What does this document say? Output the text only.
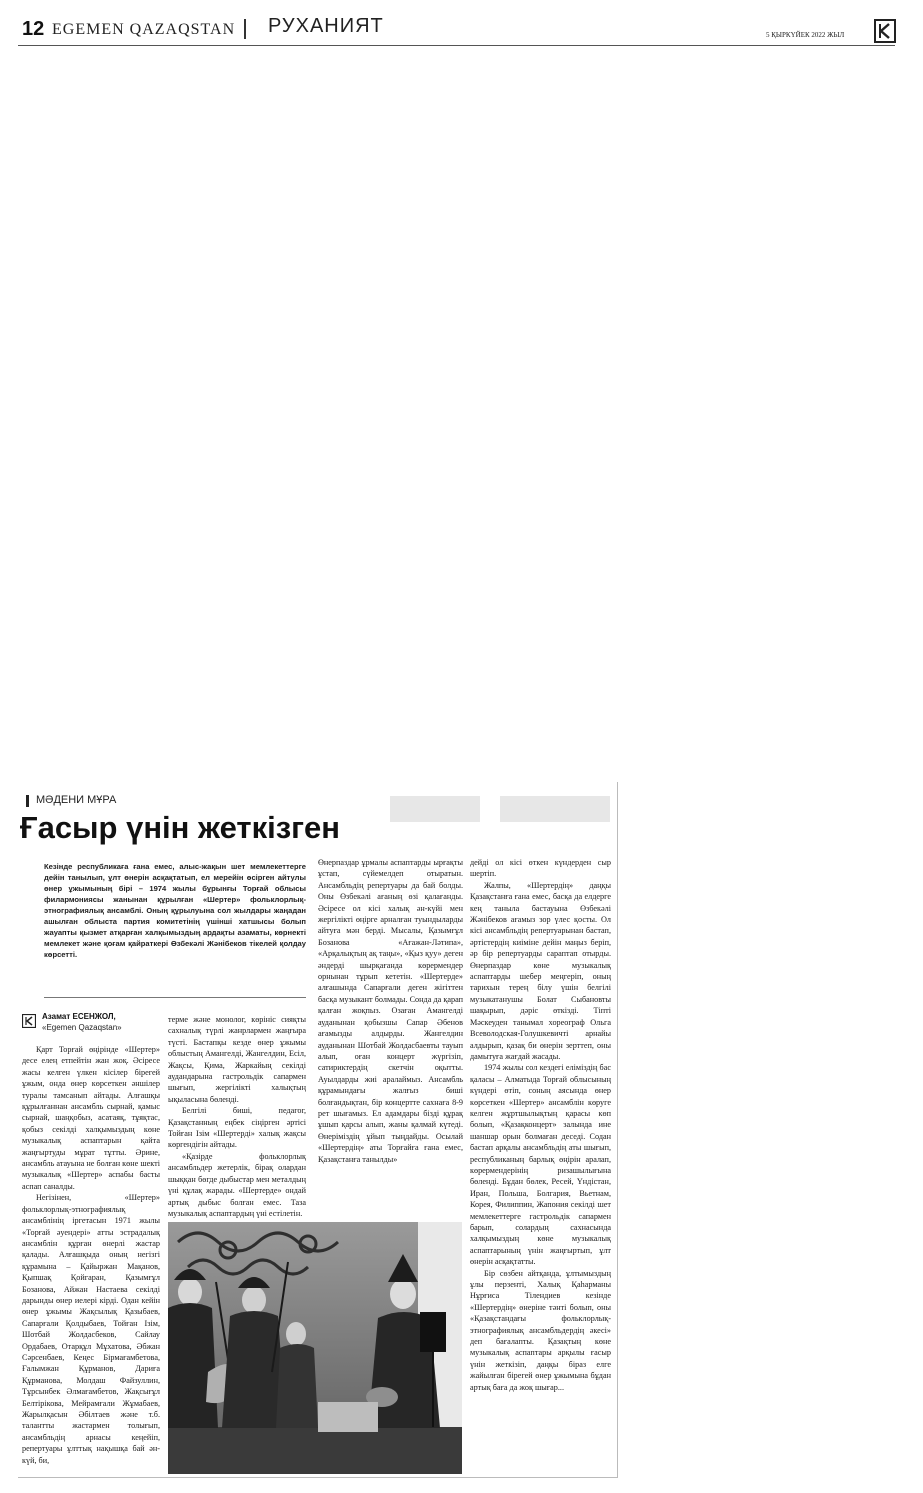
12 EGEMEN QAZAQSTAN РУХАНИЯТ	5 ҚЫРКҮЙЕК 2022 ЖЫЛ
МӘДЕНИ МҰРА
Ғасыр үнін жеткізген
Кезінде республикаға ғана емес, алыс-жақын шет мемлекеттерге дейін танылып, ұлт өнерін асқақтатып, ел мерейін өсірген айтулы өнер ұжымының бірі – 1974 жылы бұрынғы Торғай облысы филармониясы жанынан құрылған «Шертер» фольклорлық-этнографиялық ансамблі. Оның құрылуына сол жылдары жаңадан ашылған облыста партия комитетінің үшінші хатшысы болып жауапты қызмет атқарған халқымыздың ардақты азаматы, көрнекті мемлекет және қоғам қайраткері Өзбекәлі Жәнібеков тікелей қолдау көрсетті.
Азамат ЕСЕНЖОЛ,
«Egemen Qazaqstan»

Қарт Торғай өңірінде «Шертер» десе елең етпейтін жан жоқ. Әсіресе жасы келген үлкен кісілер бірегей ұжым, онда өнер көрсеткен әншілер туралы тамсанып айтады. Алғашқы құрылғаннан ансамбль сырнай, қамыс сырнай, шаңқобыз, асатаяқ, тұяқтас, қобыз секілді халқымыздың көне музыкалық аспаптарын қайта жаңғыртуды мұрат тұтты. Әрине, ансамбль атауына не болған көне шекті музыкалық «Шертер» аспабы басты аспап саналды.

Негізінен, «Шертер» фольклорлық-этнографиялық ансамблінің іргетасын 1971 жылы «Торғай әуендері» атты эстрадалық ансамблін құрған өнерлі жастар қалады. Алғашқыда оның негізгі құрамына – Қайыржан Мақанов, Қыпшақ Қойгаран, Қазымғұл Бозанова, Айжан Настаева секілді дарынды өнер иелері кірді. Одан кейін өнер ұжымы Жақсылық Қазыбаев, Сапарғали Қолдыбаев, Тойған Ізім, Шотбай Жолдасбеков, Сайлау Ордабаев, Отарқұл Мұхатова, Әбжан Сәрсенбаев, Кеңес Бірмағамбетова, Ғалымжан Құрманов, Дариға Құрманова, Молдаш Файзуллин, Тұрсынбек Әлмағамбетов, Жақсығұл Белтірікова, Мейрамғали Жұмабаев, Жарылқасын Әбілтаев және т.б. талантты жастармен толығып, ансамбльдің арнасы кеңейіп, репертуары ұлттық нақышқа бай ән-күй, би,

терме және монолог, көрініс сияқты сахналық түрлі жанрлармен жаңғыра түсті. Бастапқы кезде өнер ұжымы облыстың Амангелді, Жангелдин, Есіл, Жақсы, Қима, Жаркайың секілді аудандарына гастрольдік сапармен шығып, жергілікті халықтың ықыласына бөленді.

Белгілі биші, педагог, Қазақстанның еңбек сіңірген әртісі Тойған Ізім «Шертерді» халық жақсы көргендігін айтады.

«Қазірде фольклорлық ансамбльдер жетерлік, бірақ олардан шыққан бөгде дыбыстар мен металдың үні құлақ жарады. «Шертерде» ондай артық дыбыс болған емес. Таза музыкалық аспаптардың үні естілетін.

Өнерпаздар ұрмалы аспаптарды ырғақты ұстап, сүйемелдеп отыратын. Ансамбльдің репертуары да бай болды. Оны Өзбекәлі ағаның өзі қалағанды. Әсіресе ол кісі халық ән-күйі мен жергілікті өңірге арналған туындыларды айтуға мән берді. Мысалы, Қазымғұл Бозанова «Ағажан-Ләтипа», «Арқалықтың ақ таңы», «Қыз қуу» деген әндерді шырқағанда көрермендер орнынан тұрып кететін. «Шертерде» алғашында Сапарғали деген жігіттен басқа музыкант болмады. Сонда да қарап қалған жоқпыз. Озаған Амангелді ауданынан қобызшы Сапар Әбенов ағамызды алдырды. Жангелдин ауданынан Шотбай Жолдасбаевты тауып алып, оған концерт жүргізіп, сатириктердің скетчін оқытты. Ауылдарды жиі аралаймыз. Ансамбль құрамындағы жалғыз биші болғандықтан, бір концертте сахнаға 8-9 рет шығамыз. Ел адамдары бізді құрақ ұшып қарсы алып, жаны қалмай күтеді. Өнеріміздің ұйып тыңдайды. Осылай «Шертердің» аты Торғайға ғана емес, Қазақстанға танылды»

дейді ол кісі өткен күндерден сыр шертіп.

Жалпы, «Шертердің» даңқы Қазақстанға ғана емес, басқа да елдерге кең таныла бастауына Өзбекәлі Жәнібеков ағамыз зор үлес қосты. Ол кісі ансамбльдің репертуарынан бастап, әртістердің киіміне дейін маңыз беріп, әр бір репертуарды сараптап отырды. Өнерпаздар көне музыкалық аспаптарды шебер меңгеріп, оның тарихын терең білу үшін белгілі музыкатанушы Болат Сыбановты шақырып, дәріс өткізді. Тіпті Мәскеуден танымал хореограф Ольга Всеволодская-Голушкевичті арнайы алдырып, қазақ би өнерін зерттеп, оны дамытуға жағдай жасады.

1974 жылы сол кездегі еліміздің бас қаласы – Алматыда Торғай облысының күндері өтіп, соның аясында өнер көрсеткен «Шертер» ансамблін көруге келген жұртшылықтың қарасы көп болып, «Қазақконцерт» залында ине шаншар орын болмаған деседі. Содан бастап арқалы ансамбльдің аты шығып, республиканың барлық өңірін аралап, көрермендерінің ризашылығына бөленді. Бұдан бөлек, Ресей, Үндістан, Иран, Польша, Болгария, Вьетнам, Корея, Филиппин, Жапония секілді шет мемлекеттерге гастрольдік сапармен барып, солардың сахнасында халқымыздың көне музыкалық аспаптарының үнін жаңғыртып, ұлт өнерін асқақтатты.

Бір сөзбен айтқанда, ұлтымыздың ұлы перзенті, Халық Қаһарманы Нұрғиса Тілендиев кезінде «Шертердің» өнеріне тәнті болып, оны «Қазақстандағы фольклорлық-этнографиялық ансамбльдердің әкесі» деп бағалапты. Қазақтың көне музыкалық аспаптары арқылы ғасыр үнін жеткізіп, даңқы біраз елге жайылған бірегей өнер ұжымына бұдан артық баға да жоқ шығар...
